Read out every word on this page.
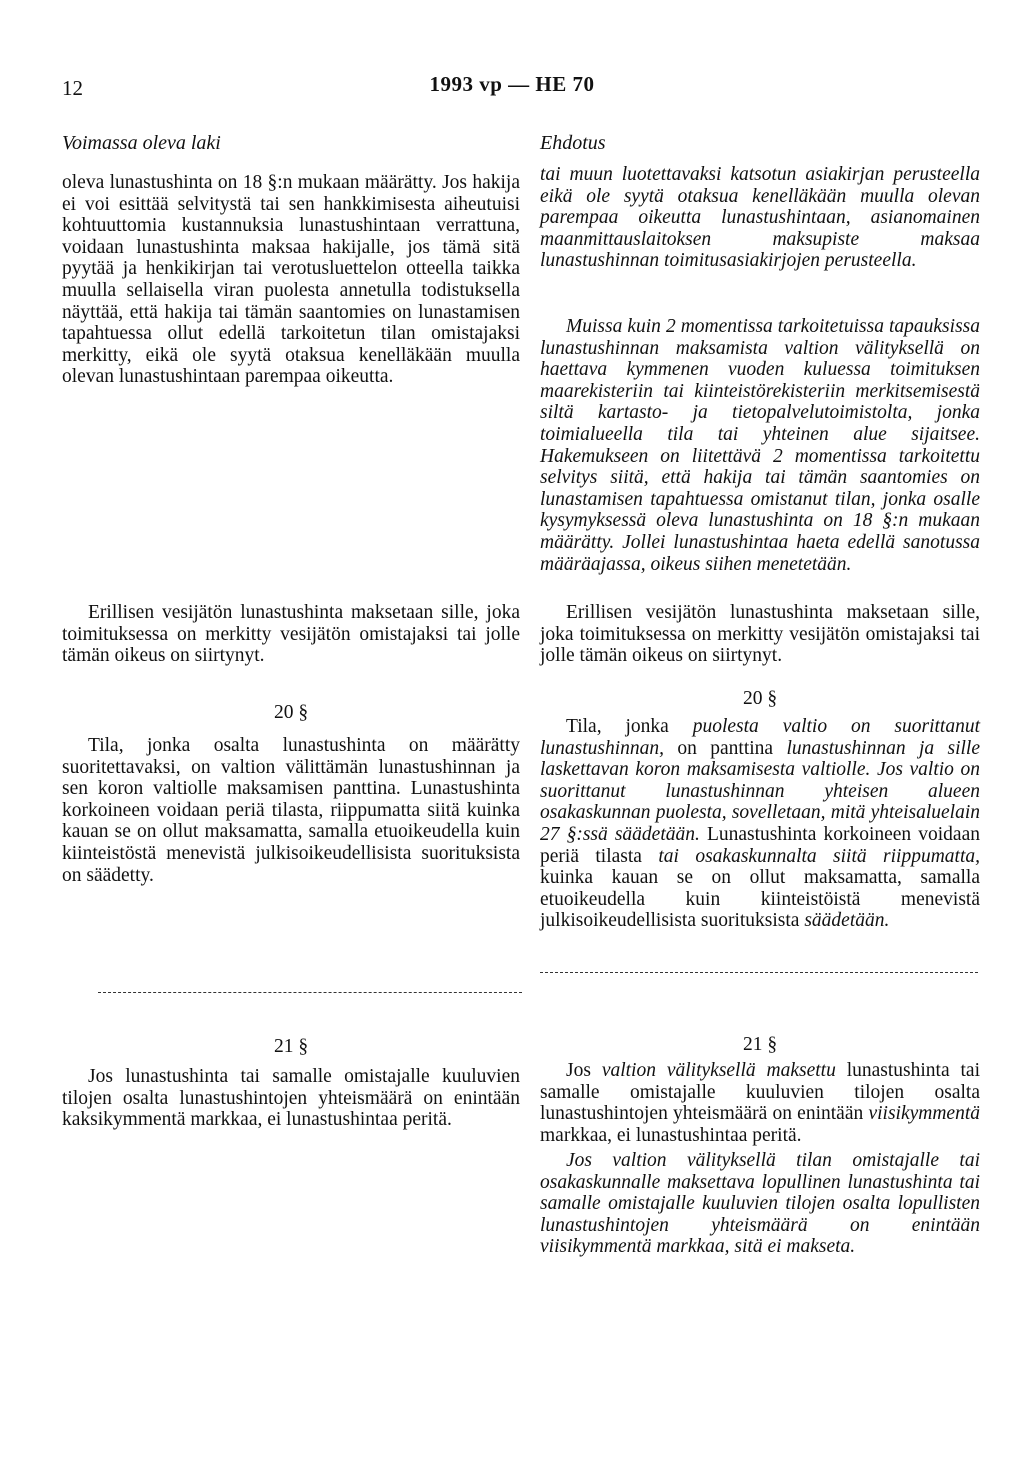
12	1993 vp — HE 70
Voimassa oleva laki	Ehdotus

oleva lunastushinta on 18 §:n mukaan määrätty. Jos hakija ei voi esittää selvitystä tai sen hankkimisesta aiheutuisi kohtuuttomia kustannuksia lunastushintaan verrattuna, voidaan lunastushinta maksaa hakijalle, jos tämä sitä pyytää ja henkikirjan tai verotusluettelon otteella taikka muulla sellaisella viran puolesta annetulla todistuksella näyttää, että hakija tai tämän saantomies on lunastamisen tapahtuessa ollut edellä tarkoitetun tilan omistajaksi merkitty, eikä ole syytä otaksua kenelläkään muulla olevan lunastushintaan parempaa oikeutta.

Erillisen vesijätön lunastushinta maksetaan sille, joka toimituksessa on merkitty vesijätön omistajaksi tai jolle tämän oikeus on siirtynyt.

20 §

Tila, jonka osalta lunastushinta on määrätty suoritettavaksi, on valtion välittämän lunastushinnan ja sen koron valtiolle maksamisen panttina. Lunastushinta korkoineen voidaan periä tilasta, riippumatta siitä kuinka kauan se on ollut maksamatta, samalla etuoikeudella kuin kiinteistöstä menevistä julkisoikeudellisista suorituksista on säädetty.

21 §

Jos lunastushinta tai samalle omistajalle kuuluvien tilojen osalta lunastushintojen yhteismäärä on enintään kaksikymmentä markkaa, ei lunastushintaa peritä.

tai muun luotettavaksi katsotun asiakirjan perusteella eikä ole syytä otaksua kenelläkään muulla olevan parempaa oikeutta lunastushintaan, asianomainen maanmittauslaitoksen maksupiste maksaa lunastushinnan toimitusasiakirjojen perusteella.

Muissa kuin 2 momentissa tarkoitetuissa tapauksissa lunastushinnan maksamista valtion välityksellä on haettava kymmenen vuoden kuluessa toimituksen maarekisteriin tai kiinteistörekisteriin merkitsemisestä siltä kartasto- ja tietopalvelutoimistolta, jonka toimialueella tila tai yhteinen alue sijaitsee. Hakemukseen on liitettävä 2 momentissa tarkoitettu selvitys siitä, että hakija tai tämän saantomies on lunastamisen tapahtuessa omistanut tilan, jonka osalle kysymyksessä oleva lunastushinta on 18 §:n mukaan määrätty. Jollei lunastushintaa haeta edellä sanotussa määräajassa, oikeus siihen menetetään.

Erillisen vesijätön lunastushinta maksetaan sille, joka toimituksessa on merkitty vesijätön omistajaksi tai jolle tämän oikeus on siirtynyt.

20 §

Tila, jonka puolesta valtio on suorittanut lunastushinnan, on panttina lunastushinnan ja sille laskettavan koron maksamisesta valtiolle. Jos valtio on suorittanut lunastushinnan yhteisen alueen osakaskunnan puolesta, sovelletaan, mitä yhteisaluelain 27 §:ssä säädetään. Lunastushinta korkoineen voidaan periä tilasta tai osakaskunnalta siitä riippumatta, kuinka kauan se on ollut maksamatta, samalla etuoikeudella kuin kiinteistöistä menevistä julkisoikeudellisista suorituksista säädetään.

21 §

Jos valtion välityksellä maksettu lunastushinta tai samalle omistajalle kuuluvien tilojen osalta lunastushintojen yhteismäärä on enintään viisikymmentä markkaa, ei lunastushintaa peritä.

Jos valtion välityksellä tilan omistajalle tai osakaskunnalle maksettava lopullinen lunastushinta tai samalle omistajalle kuuluvien tilojen osalta lopullisten lunastushintojen yhteismäärä on enintään viisikymmentä markkaa, sitä ei makseta.
